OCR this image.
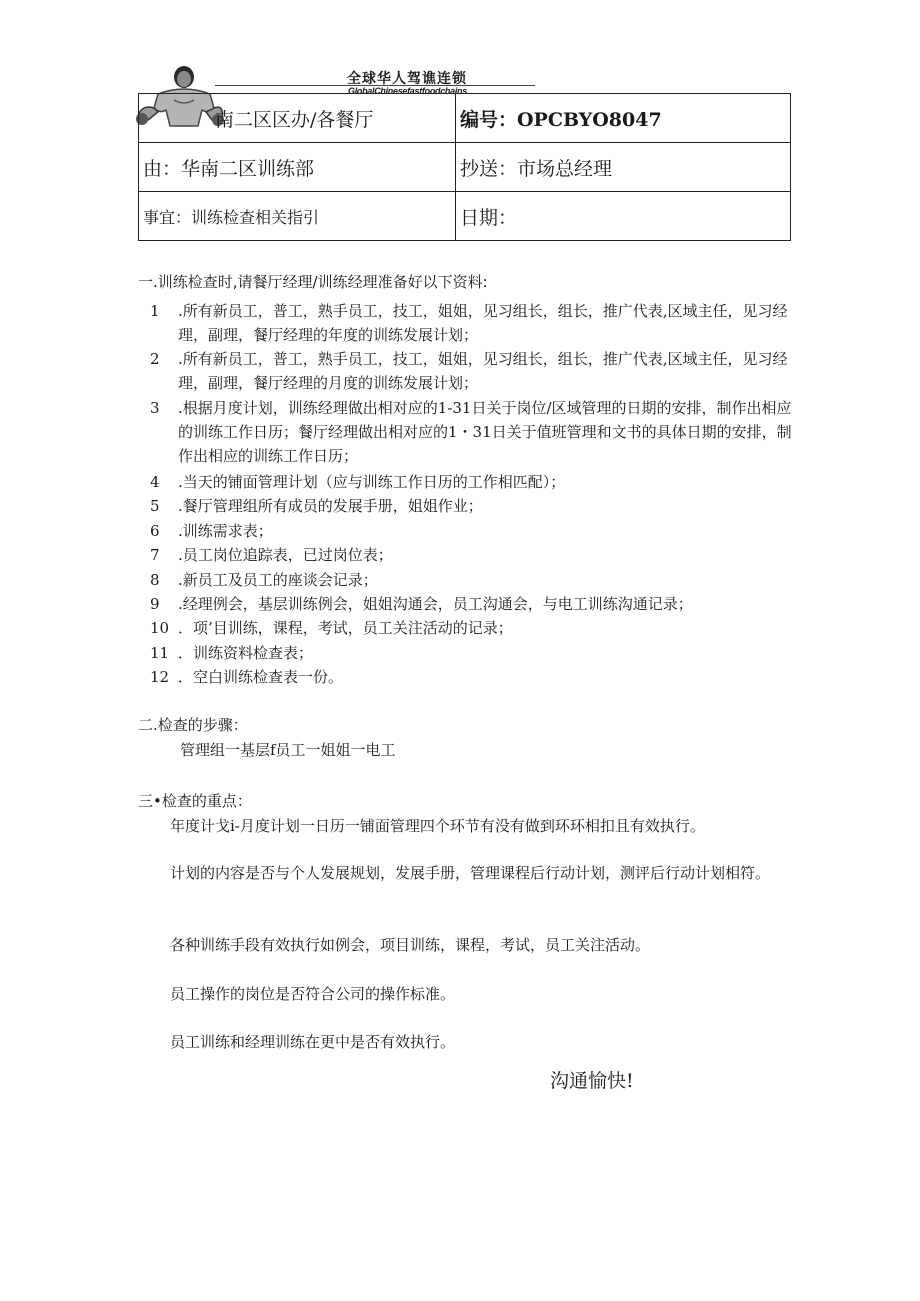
全球华人驾谯连锁
GlobalChinesefastfoodchains
南二区区办/各餐厅	编号：OPCBYO8047
由：华南二区训练部	抄送：市场总经理
事宜：训练检查相关指引	日期：
一.训练检查时,请餐厅经理/训练经理准备好以下资料:
1 .所有新员工，普工，熟手员工，技工，姐姐，见习组长，组长，推广代表,区域主任，见习经理，副理，餐厅经理的年度的训练发展计划；
2 .所有新员工，普工，熟手员工，技工，姐姐，见习组长，组长，推广代表,区域主任，见习经理，副理，餐厅经理的月度的训练发展计划；
3 .根据月度计划，训练经理做出相对应的1-31日关于岗位/区域管理的日期的安排，制作出相应的训练工作日历；餐厅经理做出相对应的1・31日关于值班管理和文书的具体日期的安排，制作出相应的训练工作日历；
4 .当天的铺面管理计划（应与训练工作日历的工作相匹配）；
5 .餐厅管理组所有成员的发展手册，姐姐作业；
6 .训练需求表；
7 .员工岗位追踪表，已过岗位表；
8 .新员工及员工的座谈会记录；
9 .经理例会，基层训练例会，姐姐沟通会，员工沟通会，与电工训练沟通记录；
10 ．项’目训练，课程，考试，员工关注活动的记录；
11 ．训练资料检查表；
12 ．空白训练检查表一份。
二.检查的步骤：
管理组一基层f员工一姐姐一电工
三•检查的重点：
年度计戈i-月度计划一日历一铺面管理四个环节有没有做到环环相扣且有效执行。
计划的内容是否与个人发展规划，发展手册，管理课程后行动计划，测评后行动计划相符。
各种训练手段有效执行如例会，项目训练，课程，考试，员工关注活动。
员工操作的岗位是否符合公司的操作标准。
员工训练和经理训练在更中是否有效执行。
沟通愉快!
